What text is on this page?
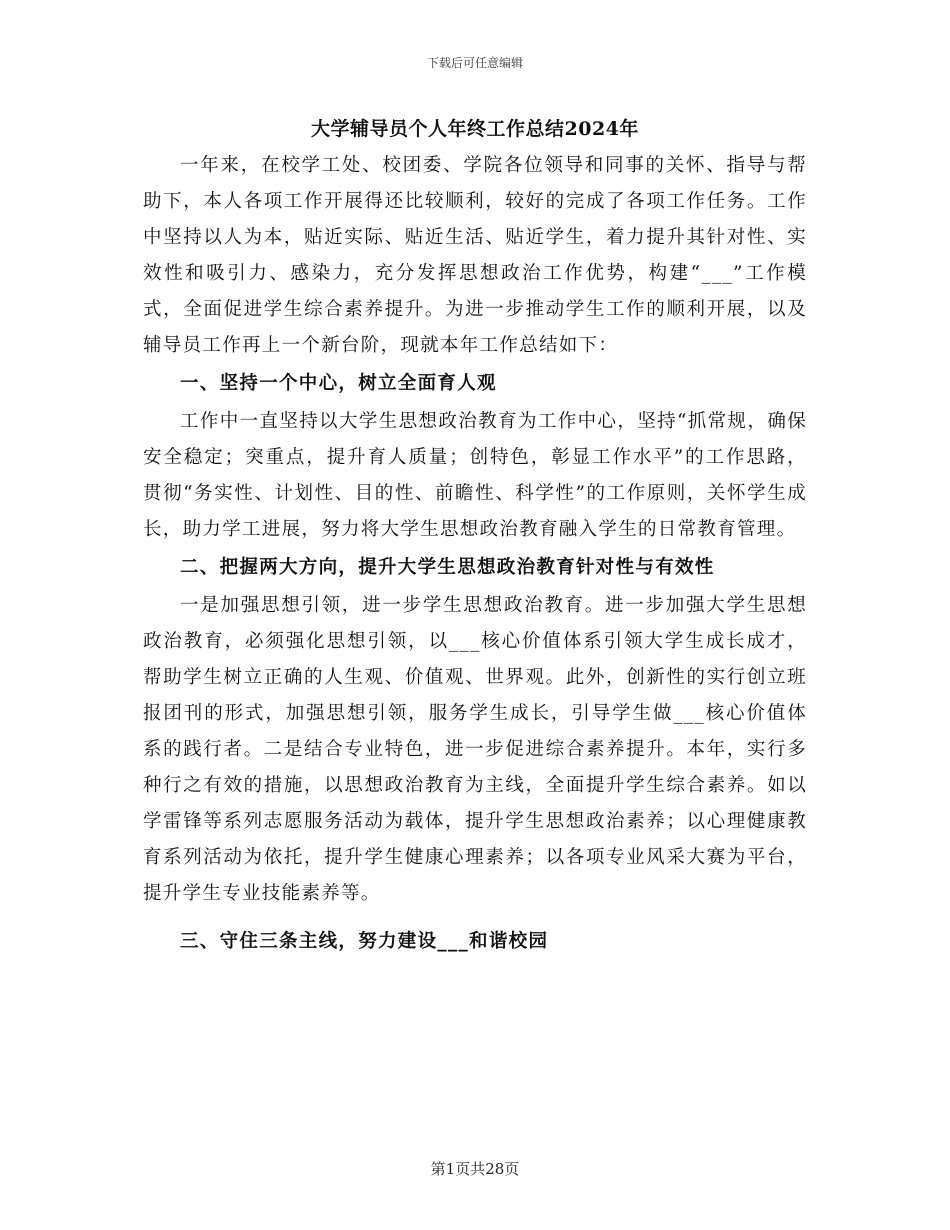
下载后可任意编辑
大学辅导员个人年终工作总结2024年

一年来，在校学工处、校团委、学院各位领导和同事的关怀、指导与帮助下，本人各项工作开展得还比较顺利，较好的完成了各项工作任务。工作中坚持以人为本，贴近实际、贴近生活、贴近学生，着力提升其针对性、实效性和吸引力、感染力，充分发挥思想政治工作优势，构建“___”工作模式，全面促进学生综合素养提升。为进一步推动学生工作的顺利开展，以及辅导员工作再上一个新台阶，现就本年工作总结如下：

一、坚持一个中心，树立全面育人观

工作中一直坚持以大学生思想政治教育为工作中心，坚持“抓常规，确保安全稳定；突重点，提升育人质量；创特色，彰显工作水平”的工作思路，贯彻“务实性、计划性、目的性、前瞻性、科学性”的工作原则，关怀学生成长，助力学工进展，努力将大学生思想政治教育融入学生的日常教育管理。

二、把握两大方向，提升大学生思想政治教育针对性与有效性

一是加强思想引领，进一步学生思想政治教育。进一步加强大学生思想政治教育，必须强化思想引领，以___核心价值体系引领大学生成长成才，帮助学生树立正确的人生观、价值观、世界观。此外，创新性的实行创立班报团刊的形式，加强思想引领，服务学生成长，引导学生做___核心价值体系的践行者。二是结合专业特色，进一步促进综合素养提升。本年，实行多种行之有效的措施，以思想政治教育为主线，全面提升学生综合素养。如以学雷锋等系列志愿服务活动为载体，提升学生思想政治素养；以心理健康教育系列活动为依托，提升学生健康心理素养；以各项专业风采大赛为平台，提升学生专业技能素养等。

三、守住三条主线，努力建设___和谐校园

第1页共28页
